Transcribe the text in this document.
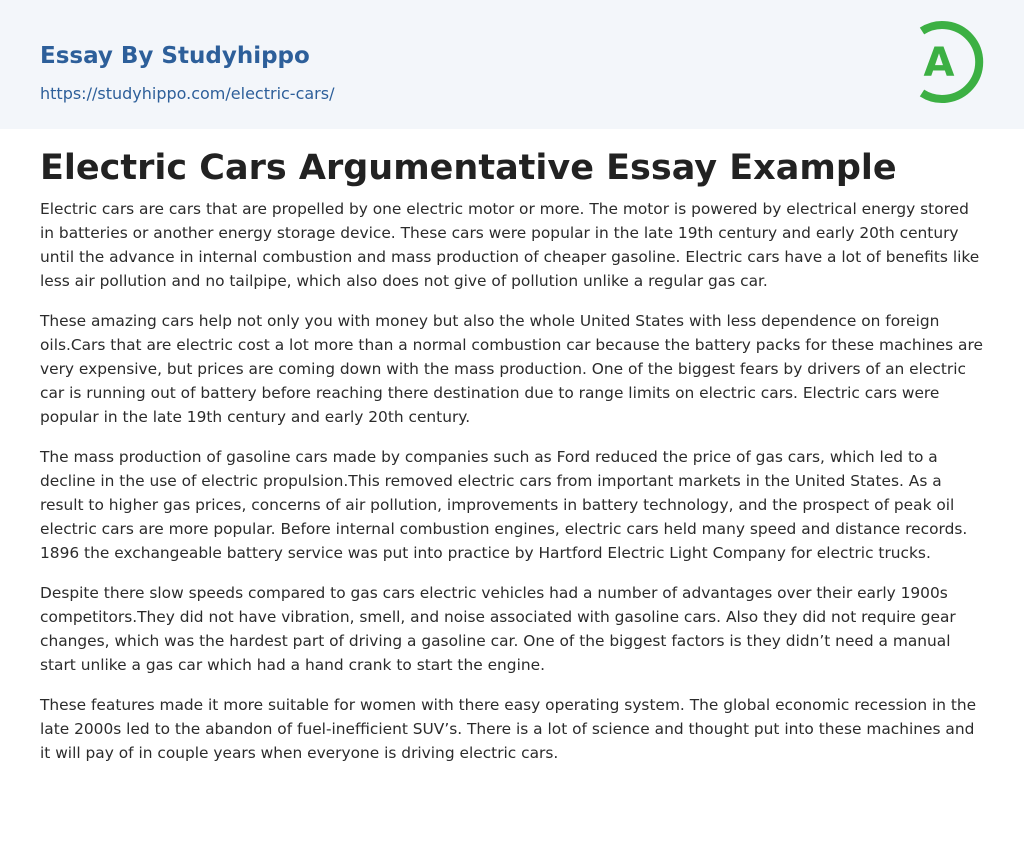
Essay By Studyhippo
https://studyhippo.com/electric-cars/
A
Electric Cars Argumentative Essay Example

Electric cars are cars that are propelled by one electric motor or more. The motor is powered by electrical energy stored in batteries or another energy storage device. These cars were popular in the late 19th century and early 20th century until the advance in internal combustion and mass production of cheaper gasoline. Electric cars have a lot of benefits like less air pollution and no tailpipe, which also does not give of pollution unlike a regular gas car.

These amazing cars help not only you with money but also the whole United States with less dependence on foreign oils.Cars that are electric cost a lot more than a normal combustion car because the battery packs for these machines are very expensive, but prices are coming down with the mass production. One of the biggest fears by drivers of an electric car is running out of battery before reaching there destination due to range limits on electric cars. Electric cars were popular in the late 19th century and early 20th century.

The mass production of gasoline cars made by companies such as Ford reduced the price of gas cars, which led to a decline in the use of electric propulsion.This removed electric cars from important markets in the United States. As a result to higher gas prices, concerns of air pollution, improvements in battery technology, and the prospect of peak oil electric cars are more popular. Before internal combustion engines, electric cars held many speed and distance records. 1896 the exchangeable battery service was put into practice by Hartford Electric Light Company for electric trucks.

Despite there slow speeds compared to gas cars electric vehicles had a number of advantages over their early 1900s competitors.They did not have vibration, smell, and noise associated with gasoline cars. Also they did not require gear changes, which was the hardest part of driving a gasoline car. One of the biggest factors is they didn’t need a manual start unlike a gas car which had a hand crank to start the engine.

These features made it more suitable for women with there easy operating system. The global economic recession in the late 2000s led to the abandon of fuel-inefficient SUV’s. There is a lot of science and thought put into these machines and it will pay of in couple years when everyone is driving electric cars.
